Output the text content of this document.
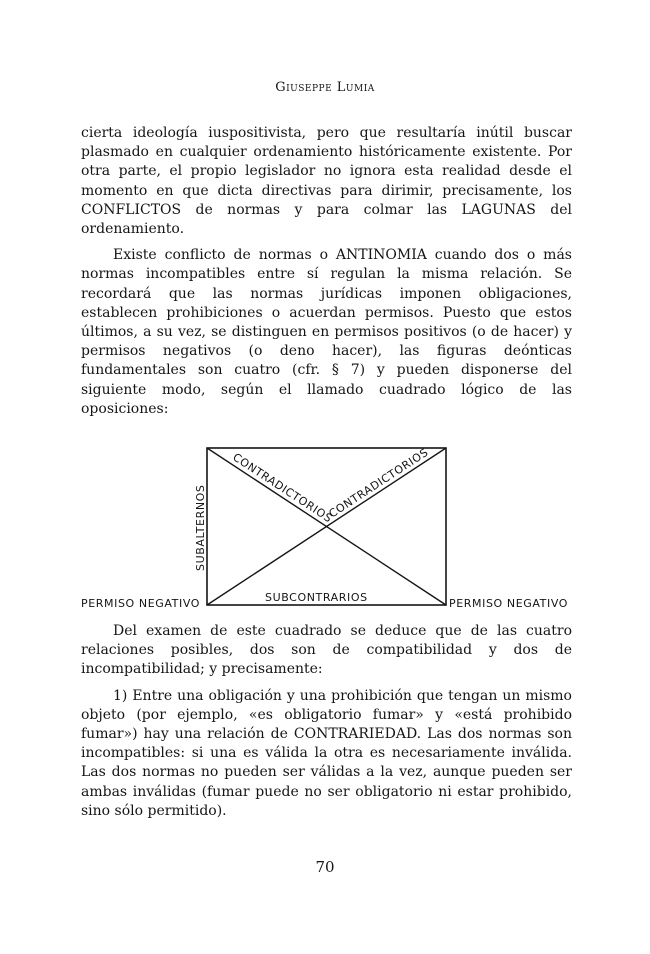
Giuseppe Lumia

cierta ideología iuspositivista, pero que resultaría inútil buscar plasmado en cualquier ordenamiento históricamente existente. Por otra parte, el propio legislador no ignora esta realidad desde el momento en que dicta directivas para dirimir, precisamente, los CONFLICTOS de normas y para colmar las LAGUNAS del ordenamiento.

Existe conflicto de normas o ANTINOMIA cuando dos o más normas incompatibles entre sí regulan la misma relación. Se recordará que las normas jurídicas imponen obligaciones, establecen prohibiciones o acuerdan permisos. Puesto que estos últimos, a su vez, se distinguen en permisos positivos (o de hacer) y permisos negativos (o deno hacer), las figuras deónticas fundamentales son cuatro (cfr. § 7) y pueden disponerse del siguiente modo, según el llamado cuadrado lógico de las oposiciones:

CONTRADICTORIOS
CONTRADICTORIOS
SUBALTERNOS
SUBCONTRARIOS
PERMISO NEGATIVO	PERMISO NEGATIVO

Del examen de este cuadrado se deduce que de las cuatro relaciones posibles, dos son de compatibilidad y dos de incompatibilidad; y precisamente:

1) Entre una obligación y una prohibición que tengan un mismo objeto (por ejemplo, «es obligatorio fumar» y «está prohibido fumar») hay una relación de CONTRARIEDAD. Las dos normas son incompatibles: si una es válida la otra es necesariamente inválida. Las dos normas no pueden ser válidas a la vez, aunque pueden ser ambas inválidas (fumar puede no ser obligatorio ni estar prohibido, sino sólo permitido).

70
